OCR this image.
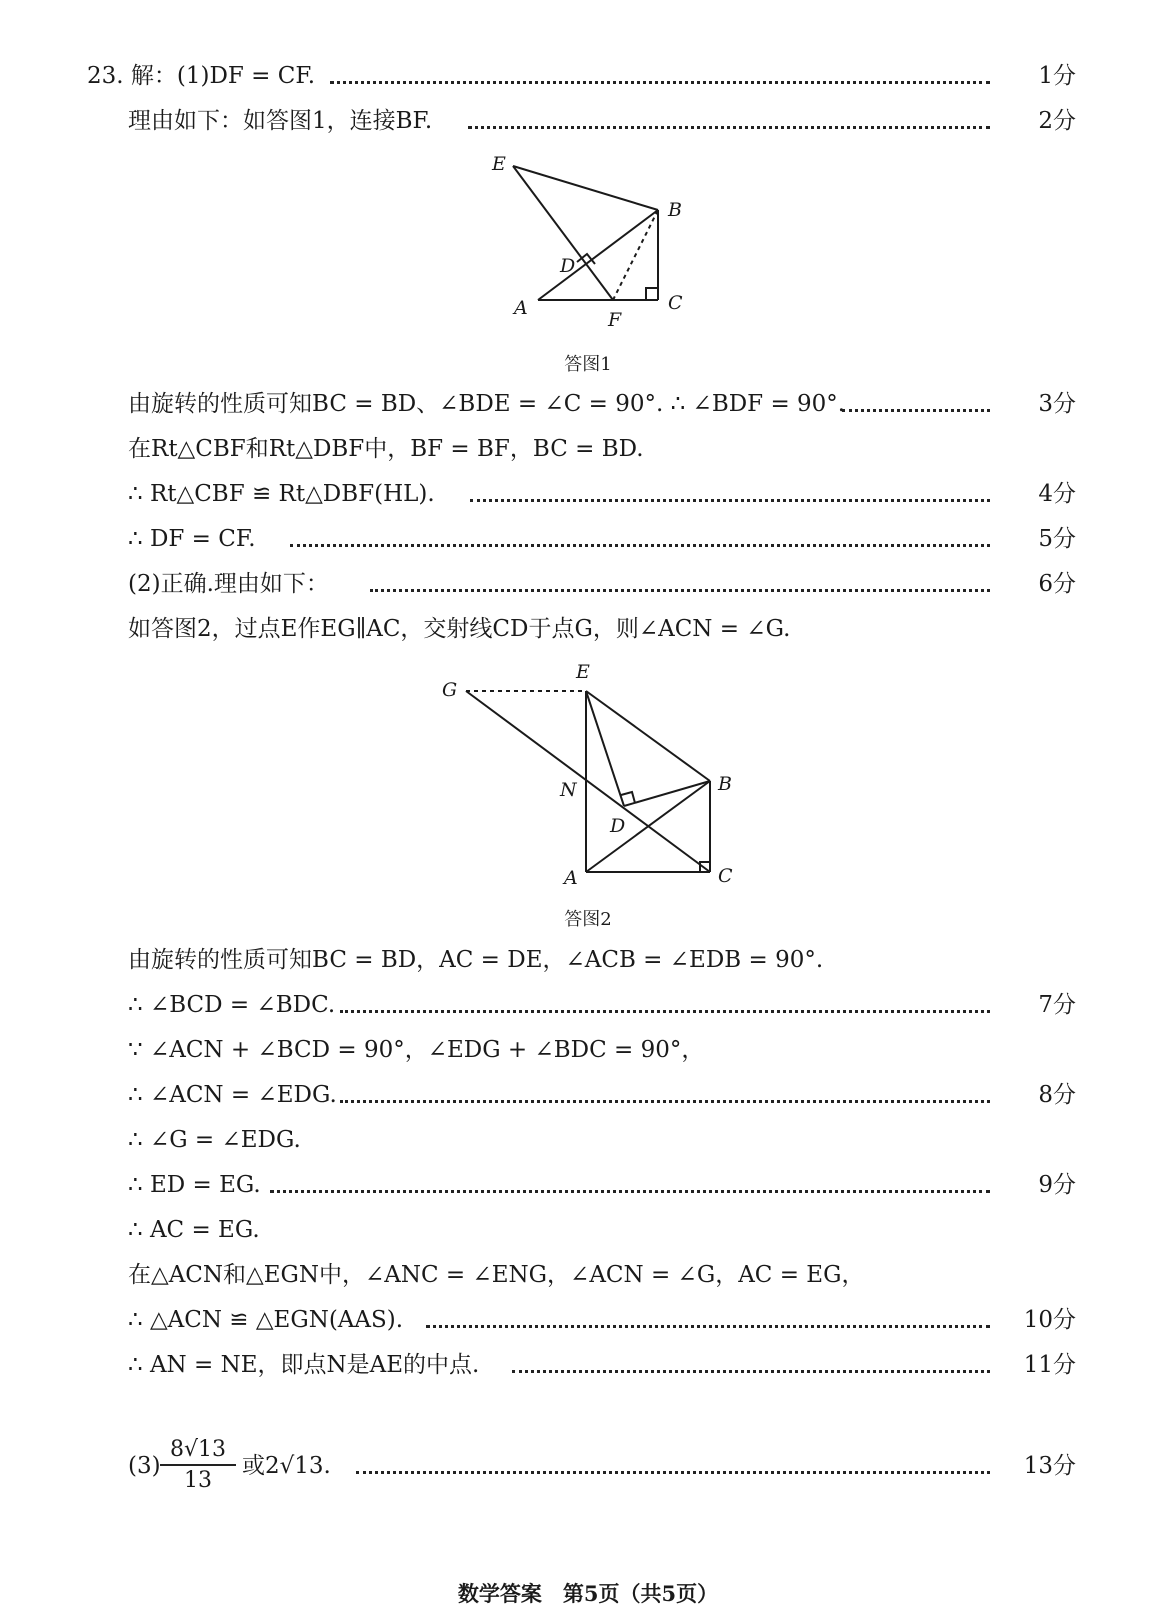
23. 解：(1)DF = CF.	1分
理由如下：如答图1，连接BF.	2分
E
B
D
A
F
C
答图1
由旋转的性质可知BC = BD、∠BDE = ∠C = 90°. ∴ ∠BDF = 90°.	3分
在Rt△CBF和Rt△DBF中，BF = BF，BC = BD.
∴ Rt△CBF ≌ Rt△DBF(HL).	4分
∴ DF = CF.	5分
(2)正确.理由如下：	6分
如答图2，过点E作EG∥AC，交射线CD于点G，则∠ACN = ∠G.
G
E
N	B
D
A	C
答图2
由旋转的性质可知BC = BD，AC = DE，∠ACB = ∠EDB = 90°.
∴ ∠BCD = ∠BDC.	7分
∵ ∠ACN + ∠BCD = 90°，∠EDG + ∠BDC = 90°，
∴ ∠ACN = ∠EDG.	8分
∴ ∠G = ∠EDG.
∴ ED = EG.	9分
∴ AC = EG.
在△ACN和△EGN中，∠ANC = ∠ENG，∠ACN = ∠G，AC = EG，
∴ △ACN ≌ △EGN(AAS).	10分
∴ AN = NE，即点N是AE的中点.	11分
$(3) \frac{8√13}{13}$ 或2√13.	13分
数学答案　第5页（共5页）
